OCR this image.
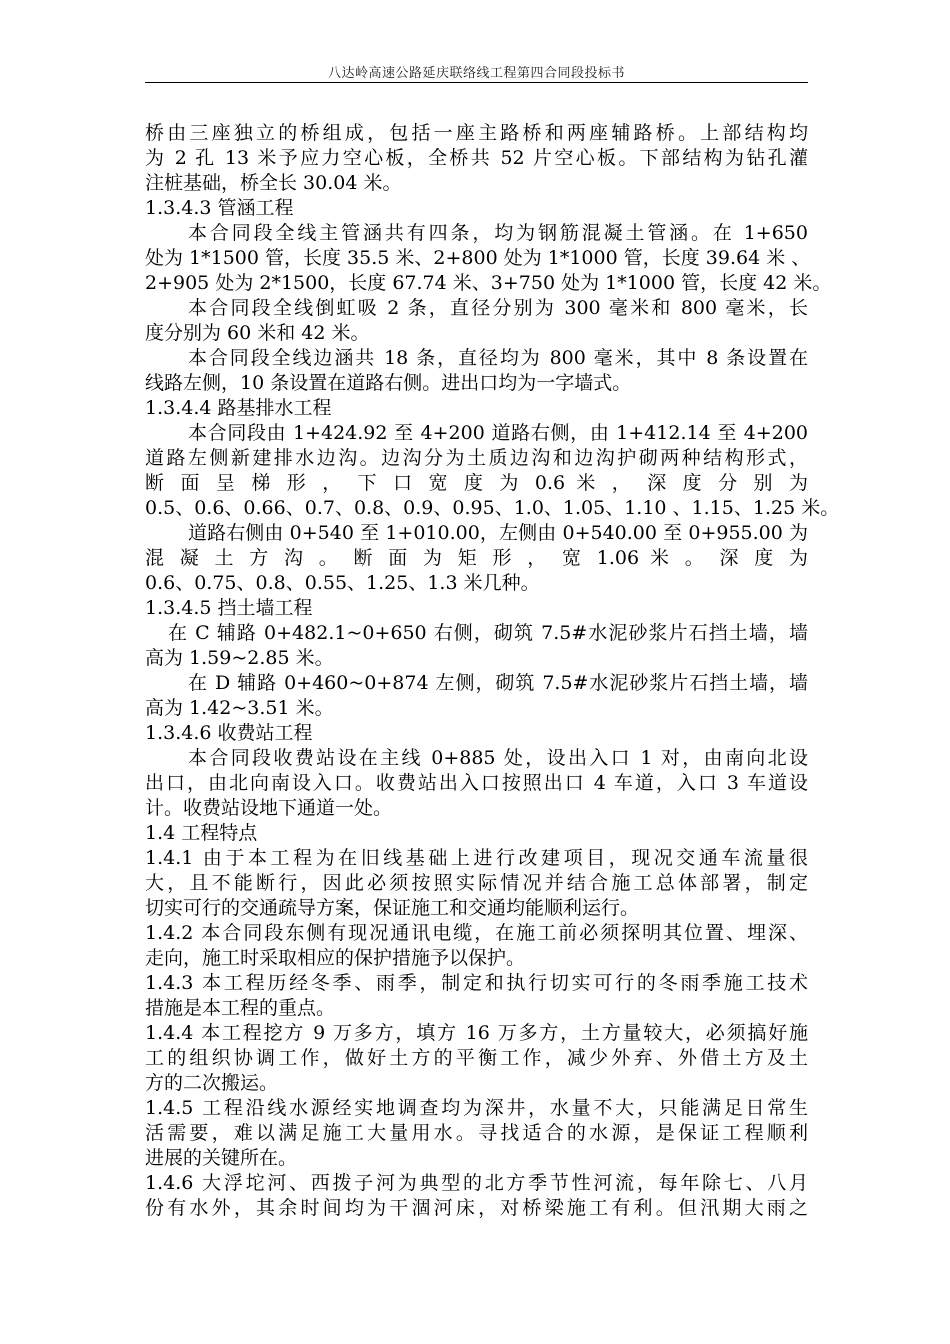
八达岭高速公路延庆联络线工程第四合同段投标书
桥由三座独立的桥组成，包括一座主路桥和两座辅路桥。上部结构均
为 2 孔 13 米予应力空心板，全桥共 52 片空心板。下部结构为钻孔灌
注桩基础，桥全长 30.04 米。
1.3.4.3 管涵工程
本合同段全线主管涵共有四条，均为钢筋混凝土管涵。在 1+650
处为 1*1500 管，长度 35.5 米、2+800 处为 1*1000 管，长度 39.64 米 、
2+905 处为 2*1500，长度 67.74 米、3+750 处为 1*1000 管，长度 42 米。
本合同段全线倒虹吸 2 条，直径分别为 300 毫米和 800 毫米，长
度分别为 60 米和 42 米。
本合同段全线边涵共 18 条，直径均为 800 毫米，其中 8 条设置在
线路左侧，10 条设置在道路右侧。进出口均为一字墙式。
1.3.4.4 路基排水工程
本合同段由 1+424.92 至 4+200 道路右侧，由 1+412.14 至 4+200
道路左侧新建排水边沟。边沟分为土质边沟和边沟护砌两种结构形式，
断 面 呈 梯 形 ， 下 口 宽 度 为 0.6 米 ， 深 度 分 别 为
0.5、0.6、0.66、0.7、0.8、0.9、0.95、1.0、1.05、1.10 、1.15、1.25 米。
道路右侧由 0+540 至 1+010.00，左侧由 0+540.00 至 0+955.00 为
混 凝 土 方 沟 。 断 面 为 矩 形 ， 宽 1.06 米 。 深 度 为
0.6、0.75、0.8、0.55、1.25、1.3 米几种。
1.3.4.5 挡土墙工程
在 C 辅路 0+482.1~0+650 右侧，砌筑 7.5#水泥砂浆片石挡土墙，墙
高为 1.59~2.85 米。
在 D 辅路 0+460~0+874 左侧，砌筑 7.5#水泥砂浆片石挡土墙，墙
高为 1.42~3.51 米。
1.3.4.6 收费站工程
本合同段收费站设在主线 0+885 处，设出入口 1 对，由南向北设
出口，由北向南设入口。收费站出入口按照出口 4 车道，入口 3 车道设
计。收费站设地下通道一处。
1.4 工程特点
1.4.1 由于本工程为在旧线基础上进行改建项目，现况交通车流量很
大，且不能断行，因此必须按照实际情况并结合施工总体部署，制定
切实可行的交通疏导方案，保证施工和交通均能顺利运行。
1.4.2 本合同段东侧有现况通讯电缆，在施工前必须探明其位置、埋深、
走向，施工时采取相应的保护措施予以保护。
1.4.3 本工程历经冬季、雨季，制定和执行切实可行的冬雨季施工技术
措施是本工程的重点。
1.4.4 本工程挖方 9 万多方，填方 16 万多方，土方量较大，必须搞好施
工的组织协调工作，做好土方的平衡工作，减少外弃、外借土方及土
方的二次搬运。
1.4.5 工程沿线水源经实地调查均为深井，水量不大，只能满足日常生
活需要，难以满足施工大量用水。寻找适合的水源，是保证工程顺利
进展的关键所在。
1.4.6 大浮坨河、西拨子河为典型的北方季节性河流，每年除七、八月
份有水外，其余时间均为干涸河床，对桥梁施工有利。但汛期大雨之
